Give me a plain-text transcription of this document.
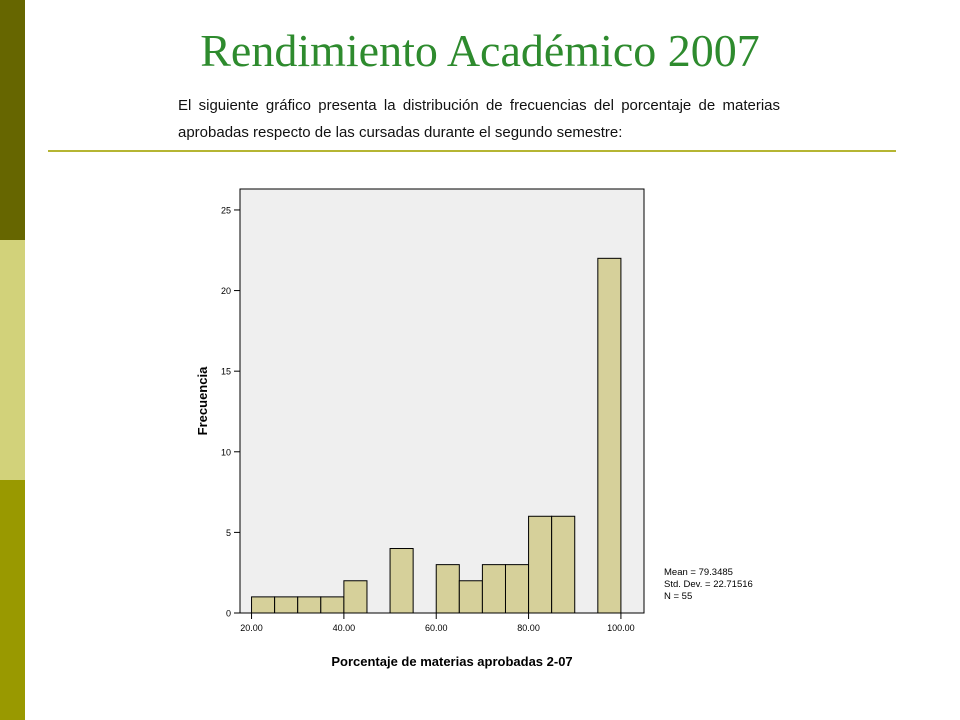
Rendimiento Académico 2007
El siguiente gráfico presenta la distribución de frecuencias del porcentaje de materias aprobadas respecto de las cursadas durante el segundo semestre:
0
5
10
15
20
25
20.00	40.00	60.00	80.00	100.00
Porcentaje de materias aprobadas 2-07
Frecuencia
Mean = 79.3485
Std. Dev. = 22.71516
N = 55
